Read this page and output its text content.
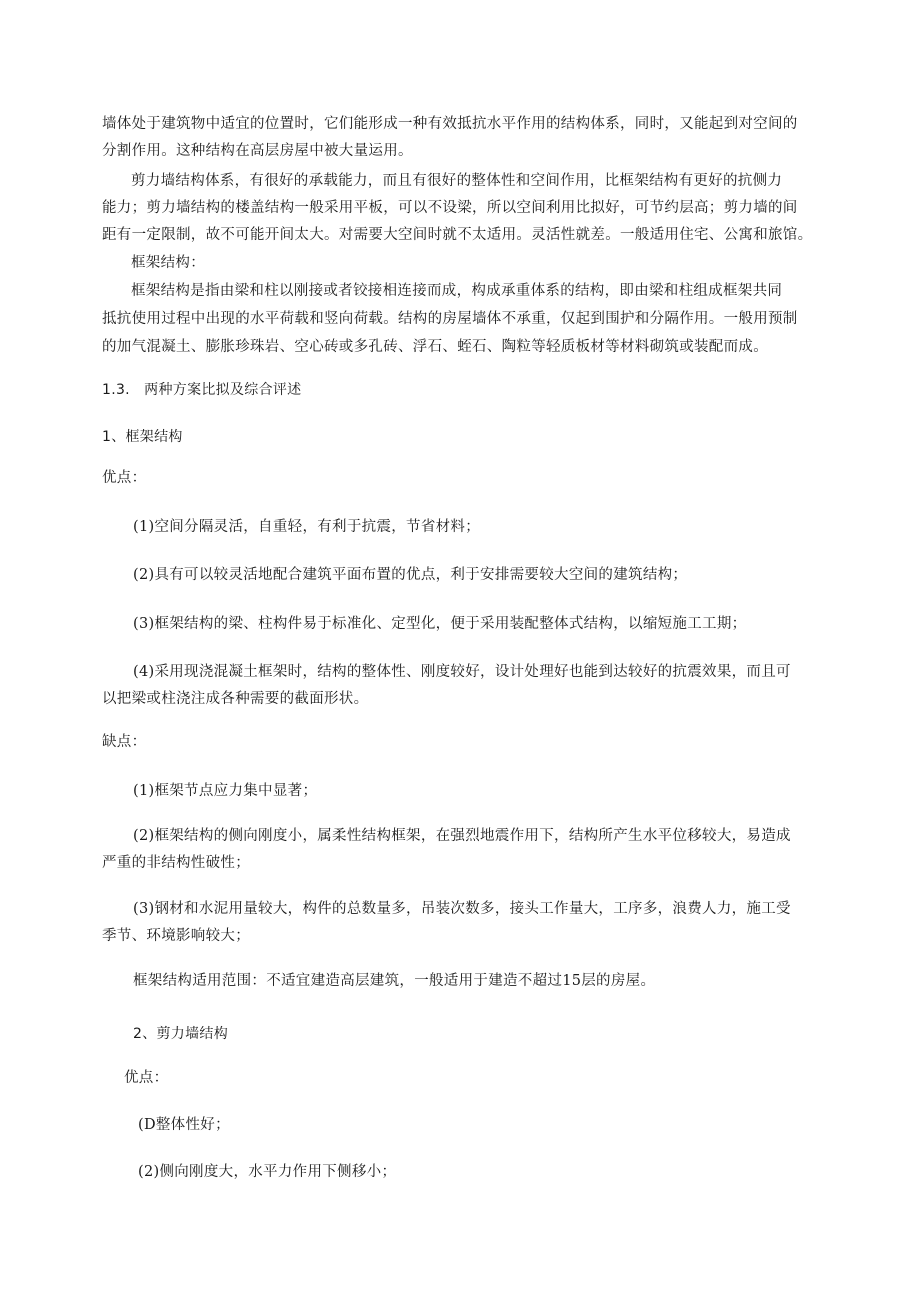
墙体处于建筑物中适宜的位置时，它们能形成一种有效抵抗水平作用的结构体系，同时，又能起到对空间的
分割作用。这种结构在高层房屋中被大量运用。
剪力墙结构体系，有很好的承载能力，而且有很好的整体性和空间作用，比框架结构有更好的抗侧力
能力；剪力墙结构的楼盖结构一般采用平板，可以不设梁，所以空间利用比拟好，可节约层高；剪力墙的间
距有一定限制，故不可能开间太大。对需要大空间时就不太适用。灵活性就差。一般适用住宅、公寓和旅馆。
框架结构：
框架结构是指由梁和柱以刚接或者铰接相连接而成，构成承重体系的结构，即由梁和柱组成框架共同
抵抗使用过程中出现的水平荷载和竖向荷载。结构的房屋墙体不承重，仅起到围护和分隔作用。一般用预制
的加气混凝土、膨胀珍珠岩、空心砖或多孔砖、浮石、蛭石、陶粒等轻质板材等材料砌筑或装配而成。
1.3.   两种方案比拟及综合评述
1、框架结构
优点：
(1)空间分隔灵活，自重轻，有利于抗震，节省材料；
(2)具有可以较灵活地配合建筑平面布置的优点，利于安排需要较大空间的建筑结构；
(3)框架结构的梁、柱构件易于标准化、定型化，便于采用装配整体式结构，以缩短施工工期；
(4)采用现浇混凝土框架时，结构的整体性、刚度较好，设计处理好也能到达较好的抗震效果，而且可
以把梁或柱浇注成各种需要的截面形状。
缺点：
(1)框架节点应力集中显著；
(2)框架结构的侧向刚度小，属柔性结构框架，在强烈地震作用下，结构所产生水平位移较大，易造成
严重的非结构性破性；
(3)钢材和水泥用量较大，构件的总数量多，吊装次数多，接头工作量大，工序多，浪费人力，施工受
季节、环境影响较大；
框架结构适用范围：不适宜建造高层建筑，一般适用于建造不超过15层的房屋。
2、剪力墙结构
优点：
(D整体性好；
(2)侧向刚度大，水平力作用下侧移小；
